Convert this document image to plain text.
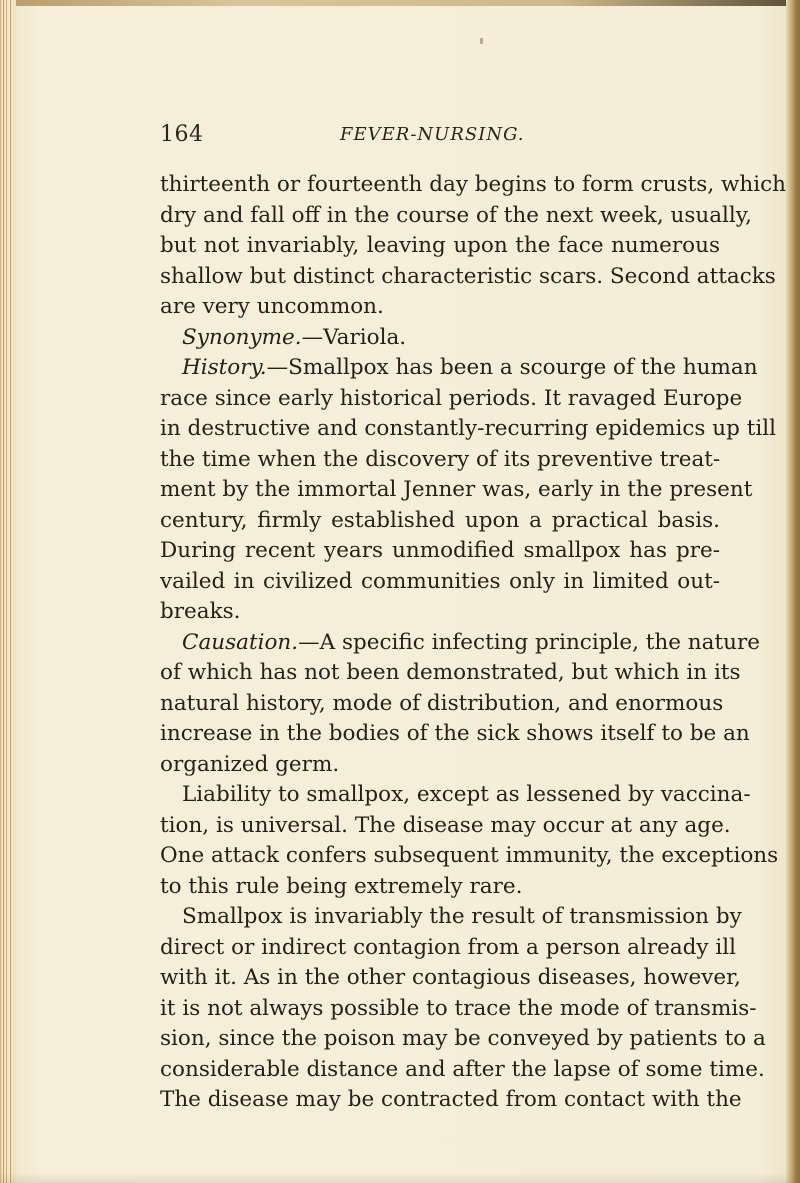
164	FEVER-NURSING.
thirteenth or fourteenth day begins to form crusts, which
dry and fall off in the course of the next week, usually,
but not invariably, leaving upon the face numerous
shallow but distinct characteristic scars. Second attacks
are very uncommon.
Synonyme.—Variola.
History.—Smallpox has been a scourge of the human
race since early historical periods. It ravaged Europe
in destructive and constantly-recurring epidemics up till
the time when the discovery of its preventive treat-
ment by the immortal Jenner was, early in the present
century, firmly established upon a practical basis.
During recent years unmodified smallpox has pre-
vailed in civilized communities only in limited out-
breaks.
Causation.—A specific infecting principle, the nature
of which has not been demonstrated, but which in its
natural history, mode of distribution, and enormous
increase in the bodies of the sick shows itself to be an
organized germ.
Liability to smallpox, except as lessened by vaccina-
tion, is universal. The disease may occur at any age.
One attack confers subsequent immunity, the exceptions
to this rule being extremely rare.
Smallpox is invariably the result of transmission by
direct or indirect contagion from a person already ill
with it. As in the other contagious diseases, however,
it is not always possible to trace the mode of transmis-
sion, since the poison may be conveyed by patients to a
considerable distance and after the lapse of some time.
The disease may be contracted from contact with the
